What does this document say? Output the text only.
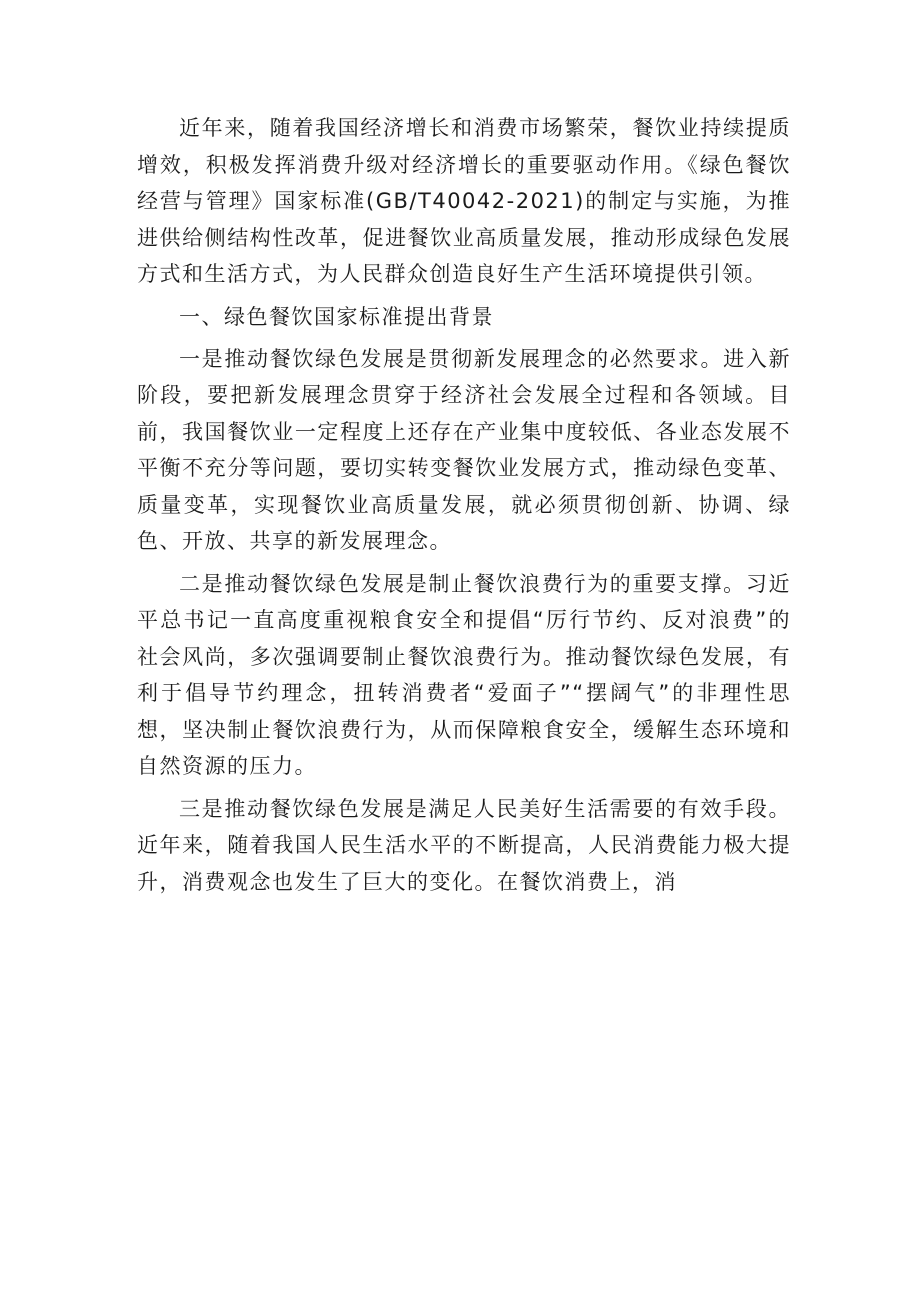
近年来，随着我国经济增长和消费市场繁荣，餐饮业持续提质增效，积极发挥消费升级对经济增长的重要驱动作用。《绿色餐饮经营与管理》国家标准(GB/T40042-2021)的制定与实施，为推进供给侧结构性改革，促进餐饮业高质量发展，推动形成绿色发展方式和生活方式，为人民群众创造良好生产生活环境提供引领。

一、绿色餐饮国家标准提出背景

一是推动餐饮绿色发展是贯彻新发展理念的必然要求。进入新阶段，要把新发展理念贯穿于经济社会发展全过程和各领域。目前，我国餐饮业一定程度上还存在产业集中度较低、各业态发展不平衡不充分等问题，要切实转变餐饮业发展方式，推动绿色变革、质量变革，实现餐饮业高质量发展，就必须贯彻创新、协调、绿色、开放、共享的新发展理念。

二是推动餐饮绿色发展是制止餐饮浪费行为的重要支撑。习近平总书记一直高度重视粮食安全和提倡“厉行节约、反对浪费”的社会风尚，多次强调要制止餐饮浪费行为。推动餐饮绿色发展，有利于倡导节约理念，扭转消费者“爱面子”“摆阔气”的非理性思想，坚决制止餐饮浪费行为，从而保障粮食安全，缓解生态环境和自然资源的压力。

三是推动餐饮绿色发展是满足人民美好生活需要的有效手段。近年来，随着我国人民生活水平的不断提高，人民消费能力极大提升，消费观念也发生了巨大的变化。在餐饮消费上，消
